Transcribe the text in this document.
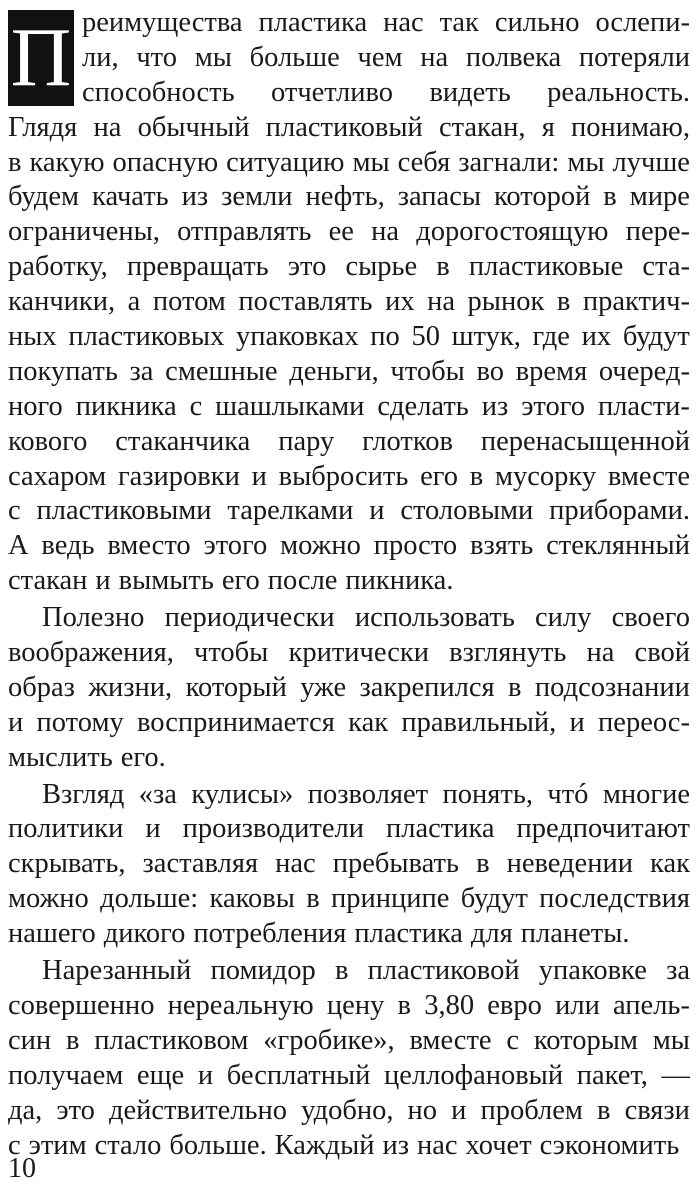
П реимущества пластика нас так сильно ослепи-
ли, что мы больше чем на полвека потеряли
способность отчетливо видеть реальность.
Глядя на обычный пластиковый стакан, я понимаю,
в какую опасную ситуацию мы себя загнали: мы лучше
будем качать из земли нефть, запасы которой в мире
ограничены, отправлять ее на дорогостоящую пере-
работку, превращать это сырье в пластиковые ста-
канчики, а потом поставлять их на рынок в практич-
ных пластиковых упаковках по 50 штук, где их будут
покупать за смешные деньги, чтобы во время очеред-
ного пикника с шашлыками сделать из этого пласти-
кового стаканчика пару глотков перенасыщенной
сахаром газировки и выбросить его в мусорку вместе
с пластиковыми тарелками и столовыми приборами.
А ведь вместо этого можно просто взять стеклянный
стакан и вымыть его после пикника.
Полезно периодически использовать силу своего
воображения, чтобы критически взглянуть на свой
образ жизни, который уже закрепился в подсознании
и потому воспринимается как правильный, и переос-
мыслить его.
Взгляд «за кулисы» позволяет понять, чтó многие
политики и производители пластика предпочитают
скрывать, заставляя нас пребывать в неведении как
можно дольше: каковы в принципе будут последствия
нашего дикого потребления пластика для планеты.
Нарезанный помидор в пластиковой упаковке за
совершенно нереальную цену в 3,80 евро или апель-
син в пластиковом «гробике», вместе с которым мы
получаем еще и бесплатный целлофановый пакет, —
да, это действительно удобно, но и проблем в связи
с этим стало больше. Каждый из нас хочет сэкономить
10
